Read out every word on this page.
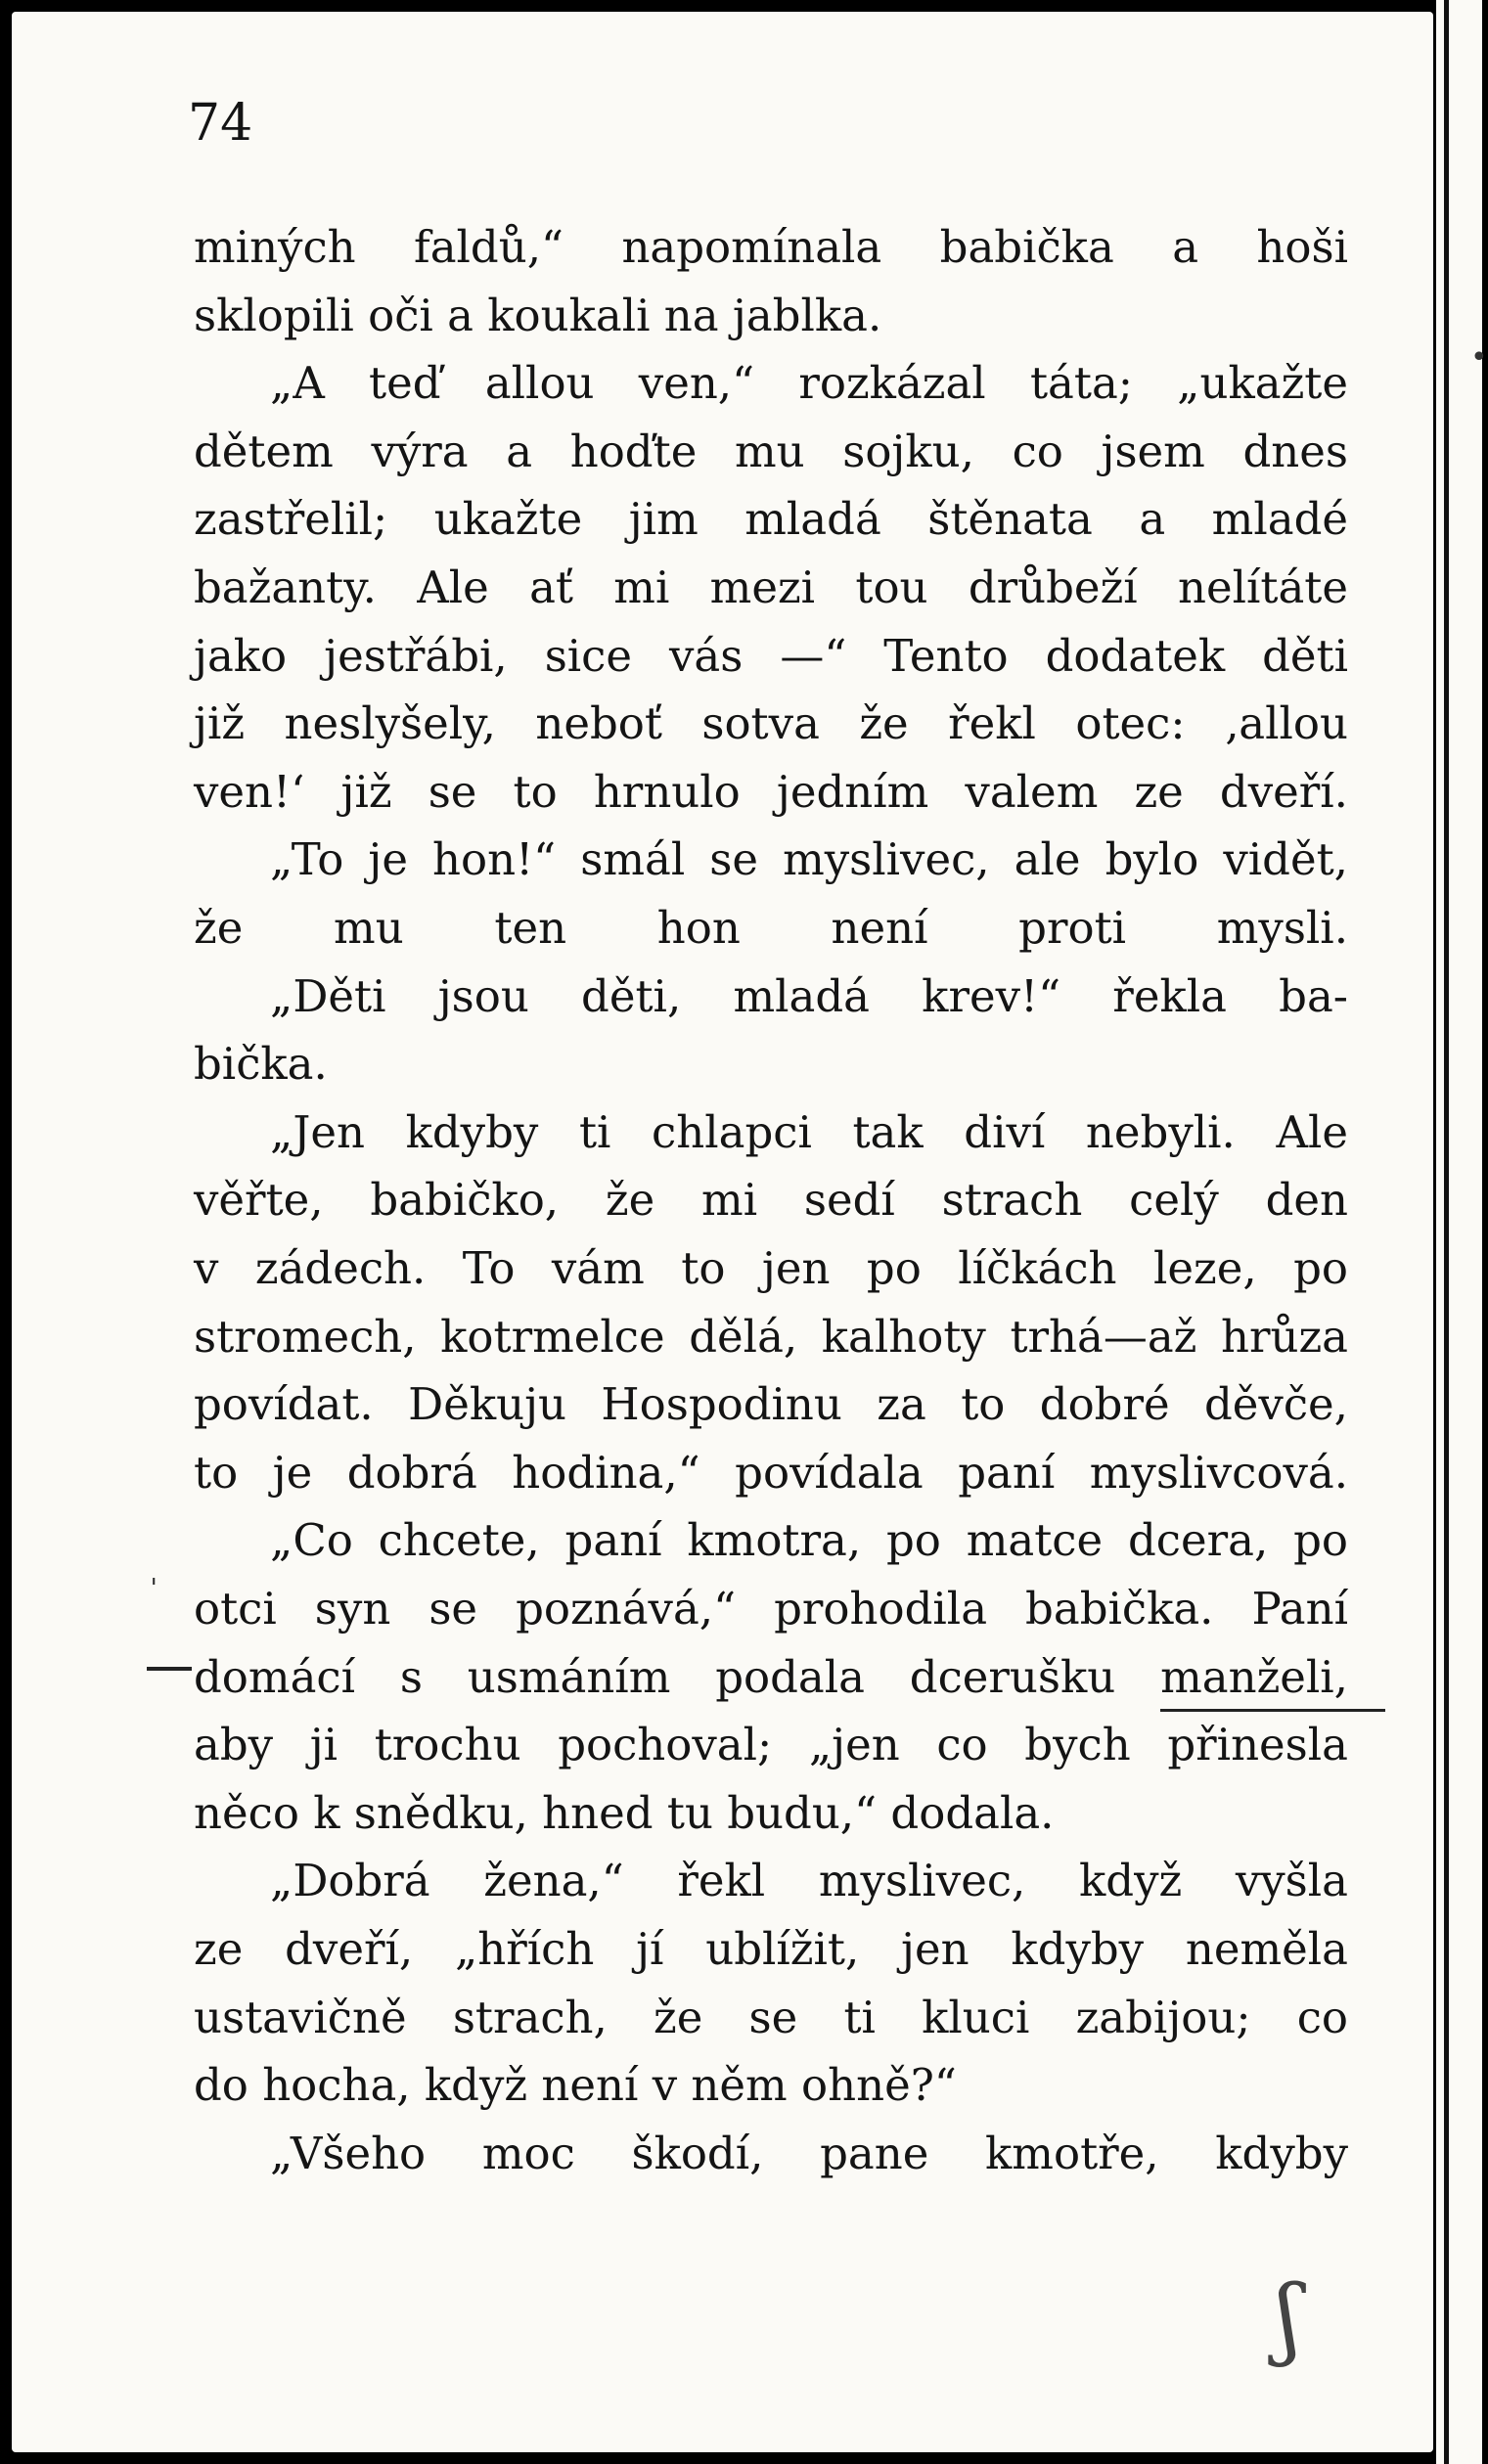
74
miných faldů,“ napomínala babička a hoši
sklopili oči a koukali na jablka.
„A teď allou ven,“ rozkázal táta; „ukažte
dětem výra a hoďte mu sojku, co jsem dnes
zastřelil; ukažte jim mladá štěnata a mladé
bažanty. Ale ať mi mezi tou drůbeží nelítáte
jako jestřábi, sice vás —“ Tento dodatek děti
již neslyšely, neboť sotva že řekl otec: ‚allou
ven!‘ již se to hrnulo jedním valem ze dveří.
„To je hon!“ smál se myslivec, ale bylo vidět,
že mu ten hon není proti mysli.
„Děti jsou děti, mladá krev!“ řekla ba-
bička.
„Jen kdyby ti chlapci tak diví nebyli. Ale
věřte, babičko, že mi sedí strach celý den
v zádech. To vám to jen po líčkách leze, po
stromech, kotrmelce dělá, kalhoty trhá—až hrůza
povídat. Děkuju Hospodinu za to dobré děvče,
to je dobrá hodina,“ povídala paní myslivcová.
„Co chcete, paní kmotra, po matce dcera, po
otci syn se poznává,“ prohodila babička. Paní
domácí s usmáním podala dcerušku manželi,
aby ji trochu pochoval; „jen co bych přinesla
něco k snědku, hned tu budu,“ dodala.
„Dobrá žena,“ řekl myslivec, když vyšla
ze dveří, „hřích jí ublížit, jen kdyby neměla
ustavičně strach, že se ti kluci zabijou; co
do hocha, když není v něm ohně?“
„Všeho moc škodí, pane kmotře, kdyby
ˈ
•
ʃ
